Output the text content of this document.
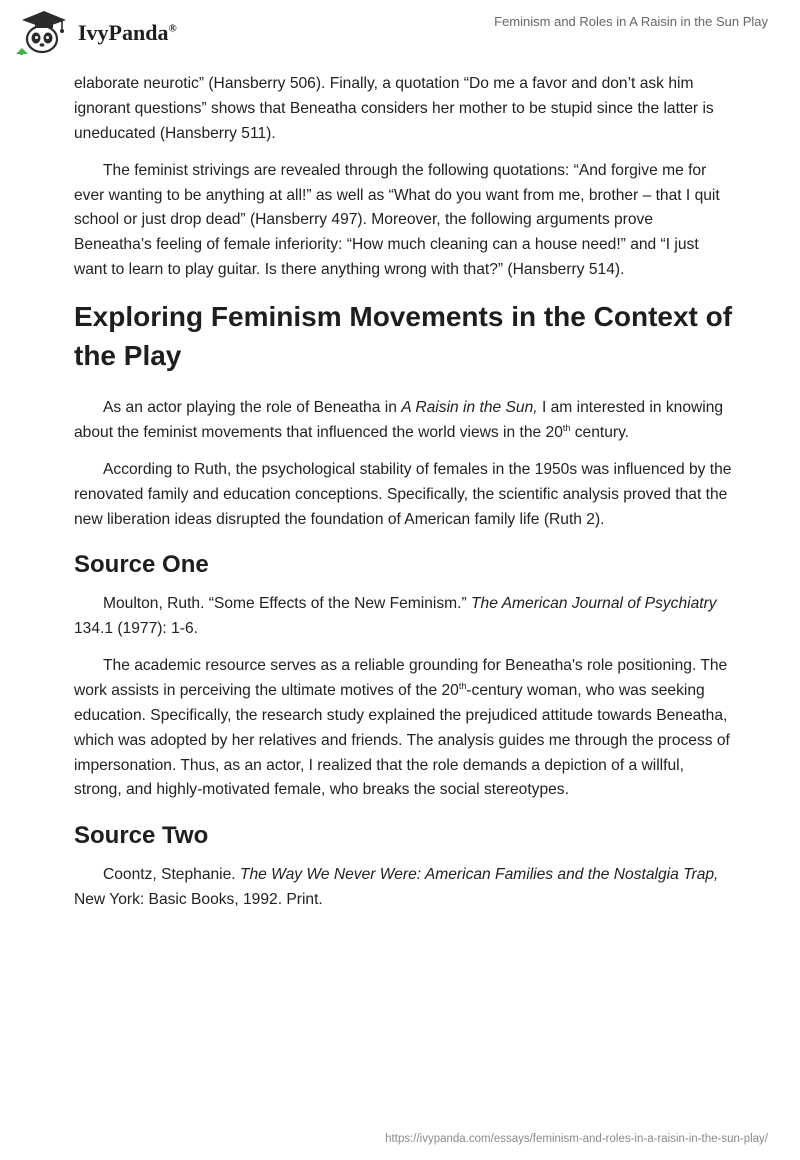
IvyPanda®	Feminism and Roles in A Raisin in the Sun Play

elaborate neurotic” (Hansberry 506). Finally, a quotation “Do me a favor and don’t ask him ignorant questions” shows that Beneatha considers her mother to be stupid since the latter is uneducated (Hansberry 511).

The feminist strivings are revealed through the following quotations: “And forgive me for ever wanting to be anything at all!” as well as “What do you want from me, brother – that I quit school or just drop dead” (Hansberry 497). Moreover, the following arguments prove Beneatha’s feeling of female inferiority: “How much cleaning can a house need!” and “I just want to learn to play guitar. Is there anything wrong with that?” (Hansberry 514).

Exploring Feminism Movements in the Context of the Play

As an actor playing the role of Beneatha in A Raisin in the Sun, I am interested in knowing about the feminist movements that influenced the world views in the 20th century.

According to Ruth, the psychological stability of females in the 1950s was influenced by the renovated family and education conceptions. Specifically, the scientific analysis proved that the new liberation ideas disrupted the foundation of American family life (Ruth 2).

Source One

Moulton, Ruth. “Some Effects of the New Feminism.” The American Journal of Psychiatry 134.1 (1977): 1-6.

The academic resource serves as a reliable grounding for Beneatha's role positioning. The work assists in perceiving the ultimate motives of the 20th-century woman, who was seeking education. Specifically, the research study explained the prejudiced attitude towards Beneatha, which was adopted by her relatives and friends. The analysis guides me through the process of impersonation. Thus, as an actor, I realized that the role demands a depiction of a willful, strong, and highly-motivated female, who breaks the social stereotypes.

Source Two

Coontz, Stephanie. The Way We Never Were: American Families and the Nostalgia Trap, New York: Basic Books, 1992. Print.

https://ivypanda.com/essays/feminism-and-roles-in-a-raisin-in-the-sun-play/
